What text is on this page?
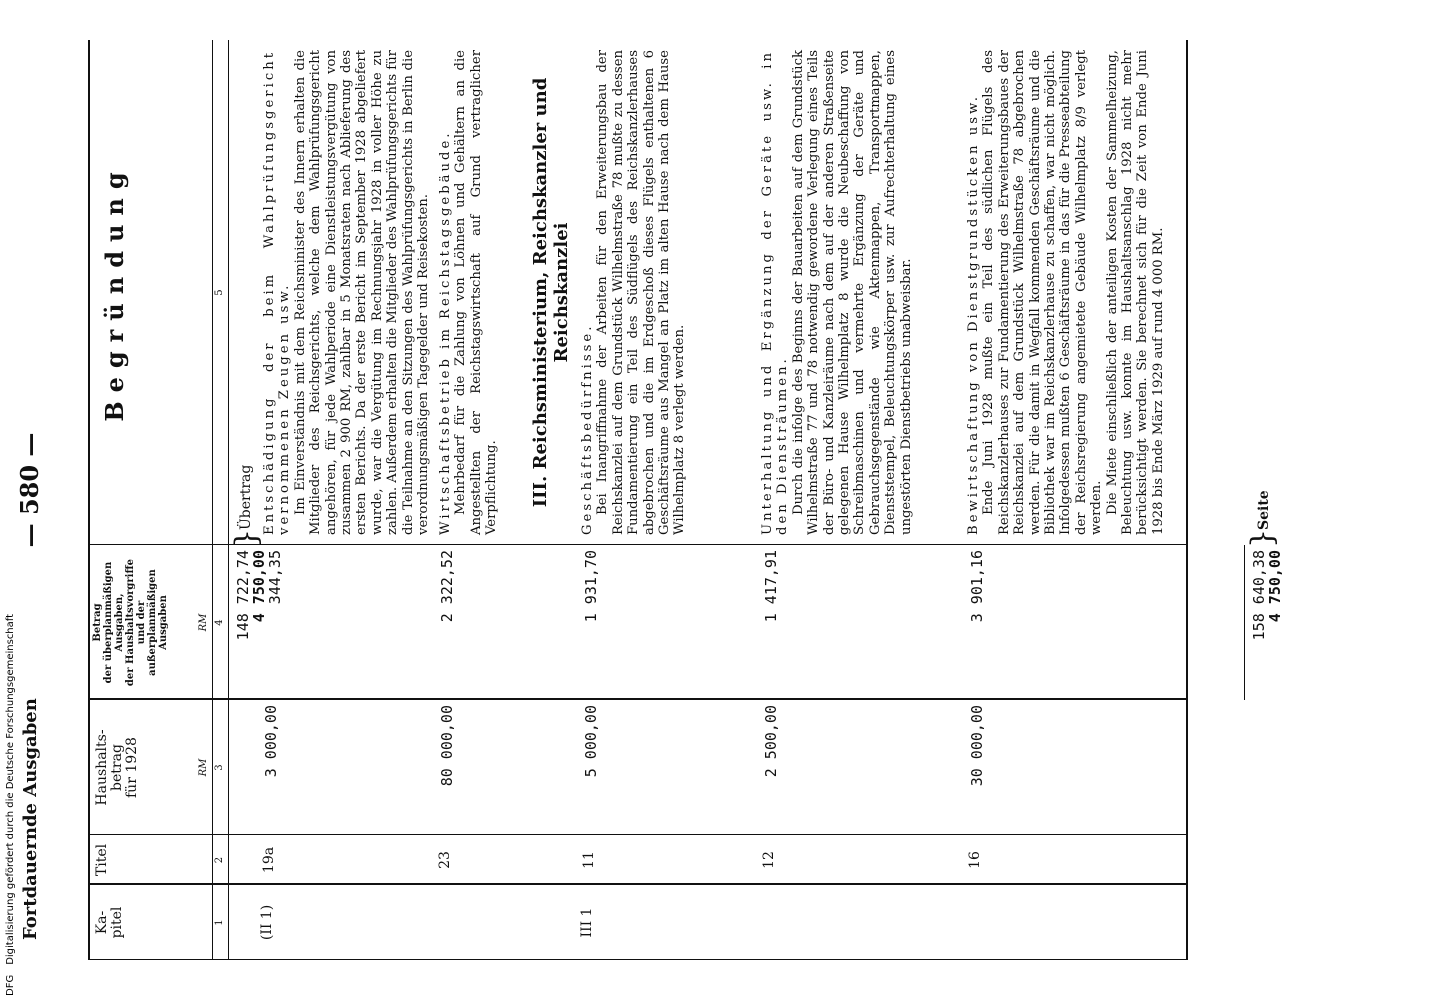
Fortdauernde Ausgaben
— 580 —
Ka-
pitel
Titel
Haushalts-
betrag
für 1928
Betrag
der überplanmäßigen
Ausgaben,
der Haushaltsvorgriffe
und der
außerplanmäßigen
Ausgaben
Begründung
RM
RM
1
2
3
4
5
148 722,74
4 750,00
}
Übertrag
(II 1)
19a
3 000,00
344,35
Entschädigung der beim Wahlprüfungsgericht vernommenen Zeugen usw. Im Einverständnis mit dem Reichsminister des Innern erhalten die Mitglieder des Reichsgerichts, welche dem Wahlprüfungsgericht angehören, für jede Wahlperiode eine Dienstleistungsvergütung von zusammen 2 900 RM, zahlbar in 5 Monatsraten nach Ablieferung des ersten Berichts. Da der erste Bericht im September 1928 abgeliefert wurde, war die Vergütung im Rechnungsjahr 1928 in voller Höhe zu zahlen. Außerdem erhalten die Mitglieder des Wahlprüfungsgerichts für die Teilnahme an den Sitzungen des Wahlprüfungsgerichts in Berlin die verordnungsmäßigen Tagegelder und Reisekosten.
23
80 000,00
2 322,52
Wirtschaftsbetrieb im Reichstagsgebäude. Mehrbedarf für die Zahlung von Löhnen und Gehältern an die Angestellten der Reichstagswirtschaft auf Grund vertraglicher Verpflichtung. III. Reichsministerium, Reichskanzler und Reichskanzlei
III 1
11
5 000,00
1 931,70
Geschäftsbedürfnisse. Bei Inangriffnahme der Arbeiten für den Erweiterungsbau der Reichskanzlei auf dem Grundstück Wilhelmstraße 78 mußte zu dessen Fundamentierung ein Teil des Südflügels des Reichskanzlerhauses abgebrochen und die im Erdgeschoß dieses Flügels enthaltenen 6 Geschäftsräume aus Mangel an Platz im alten Hause nach dem Hause Wilhelmplatz 8 verlegt werden.
12
2 500,00
1 417,91
Unterhaltung und Ergänzung der Geräte usw. in den Diensträumen. Durch die infolge des Beginns der Bauarbeiten auf dem Grundstück Wilhelmstraße 77 und 78 notwendig gewordene Verlegung eines Teils der Büro- und Kanzleiräume nach dem auf der anderen Straßenseite gelegenen Hause Wilhelmplatz 8 wurde die Neubeschaffung von Schreibmaschinen und vermehrte Ergänzung der Geräte und Gebrauchsgegenstände wie Aktenmappen, Transportmappen, Dienststempel, Beleuchtungskörper usw. zur Aufrechterhaltung eines ungestörten Dienstbetriebs unabweisbar.
16
30 000,00
3 901,16
Bewirtschaftung von Dienstgrundstücken usw. Ende Juni 1928 mußte ein Teil des südlichen Flügels des Reichskanzlerhauses zur Fundamentierung des Erweiterungsbaues der Reichskanzlei auf dem Grundstück Wilhelmstraße 78 abgebrochen werden. Für die damit in Wegfall kommenden Geschäftsräume und die Bibliothek war im Reichskanzlerhause zu schaffen, war nicht möglich. Infolgedessen mußten 6 Geschäftsräume in das für die Presseabteilung der Reichsregierung angemietete Gebäude Wilhelmplatz 8/9 verlegt werden. Die Miete einschließlich der anteiligen Kosten der Sammelheizung, Beleuchtung usw. konnte im Haushaltsanschlag 1928 nicht mehr berücksichtigt werden. Sie berechnet sich für die Zeit von Ende Juni 1928 bis Ende März 1929 auf rund 4 000 RM.
158 640,38
4 750,00
}
Seite
DFG Digitalisierung gefördert durch die Deutsche Forschungsgemeinschaft
